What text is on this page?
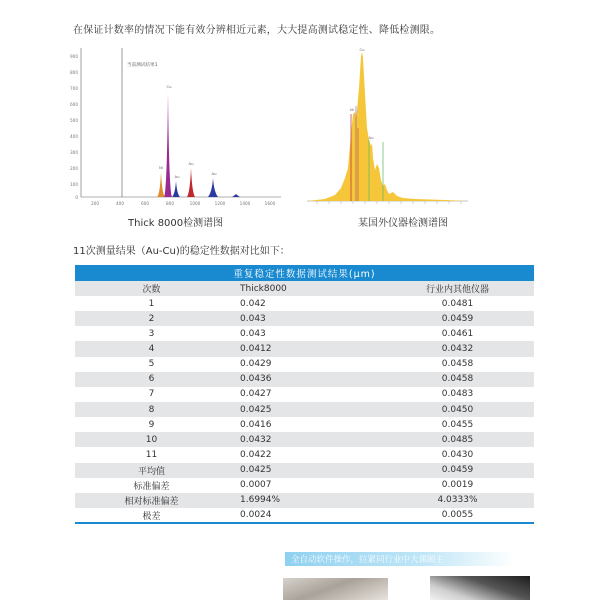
在保证计数率的情况下能有效分辨相近元素，大大提高测试稳定性、降低检测限。
900
800
700
600
500
400
300
200
100
0
200	400	600	800	1000	1200	1400	1600
当前测试结果1
Ni
Cu
Au
Au
Au
Thick 8000检测谱图
Cu
Ni
Au
某国外仪器检测谱图
11次测量结果（Au-Cu)的稳定性数据对比如下：
重复稳定性数据测试结果(μm)		
次数	Thick8000	行业内其他仪器
1	0.042	0.0481
2	0.043	0.0459
3	0.043	0.0461
4	0.0412	0.0432
5	0.0429	0.0458
6	0.0436	0.0458
7	0.0427	0.0483
8	0.0425	0.0450
9	0.0416	0.0455
10	0.0432	0.0485
11	0.0422	0.0430
平均值	0.0425	0.0459
标准偏差	0.0007	0.0019
相对标准偏差	1.6994%	4.0333%
极差	0.0024	0.0055
全自动软件操作，拉紧同行业中大课顾主
